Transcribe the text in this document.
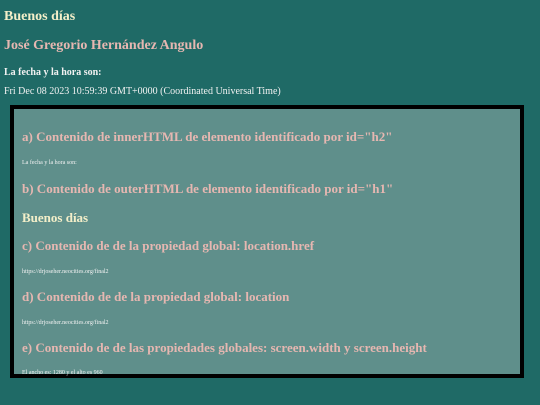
Buenos días
José Gregorio Hernández Angulo
La fecha y la hora son:

Fri Dec 08 2023 10:59:39 GMT+0000 (Coordinated Universal Time)

a) Contenido de innerHTML de elemento identificado por id="h2"

La fecha y la hora son:

b) Contenido de outerHTML de elemento identificado por id="h1"

Buenos días

c) Contenido de de la propiedad global: location.href

https://drjoseher.neocities.org/final2

d) Contenido de de la propiedad global: location

https://drjoseher.neocities.org/final2

e) Contenido de de las propiedades globales: screen.width y screen.height

El ancho es: 1280 y el alto es 960
